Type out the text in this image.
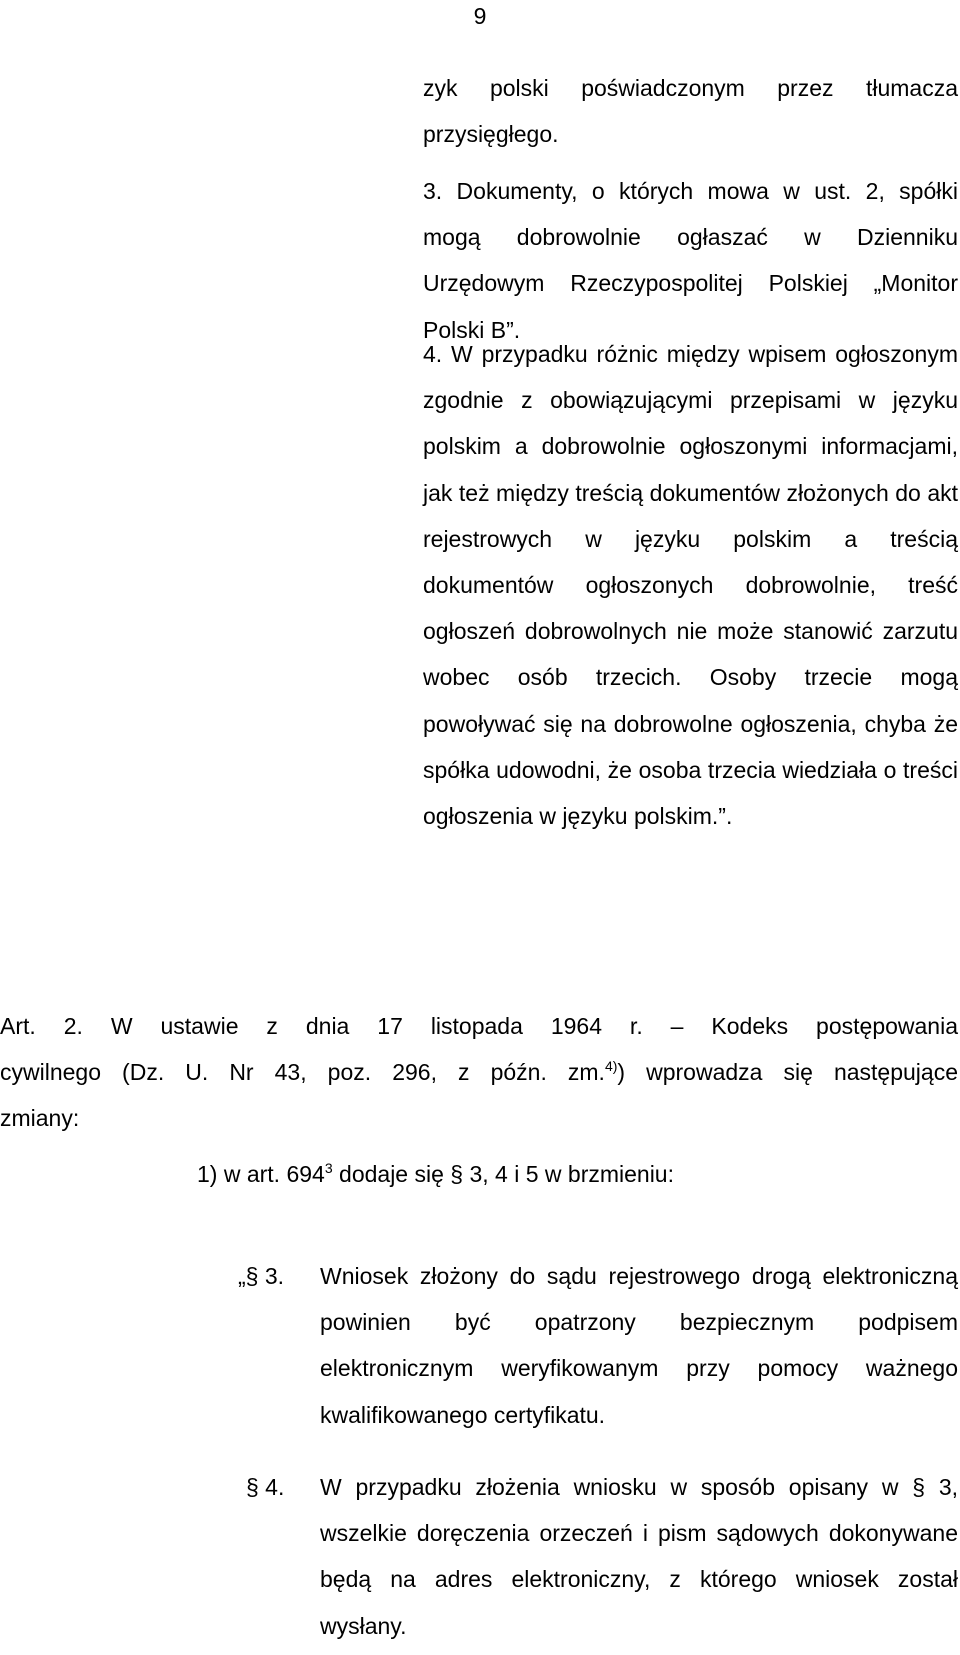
9
zyk polski poświadczonym przez tłumacza przysięgłego.
3. Dokumenty, o których mowa w ust. 2, spółki mogą dobrowolnie ogłaszać w Dzienniku Urzędowym Rzeczypospolitej Polskiej „Monitor Polski B”.
4. W przypadku różnic między wpisem ogłoszonym zgodnie z obowiązującymi przepisami w języku polskim a dobrowolnie ogłoszonymi informacjami, jak też między treścią dokumentów złożonych do akt rejestrowych w języku polskim a treścią dokumentów ogłoszonych dobrowolnie, treść ogłoszeń dobrowolnych nie może stanowić zarzutu wobec osób trzecich. Osoby trzecie mogą powoływać się na dobrowolne ogłoszenia, chyba że spółka udowodni, że osoba trzecia wiedziała o treści ogłoszenia w języku polskim.”.
Art. 2. W ustawie z dnia 17 listopada 1964 r. – Kodeks postępowania
cywilnego (Dz. U. Nr 43, poz. 296, z późn. zm.$^{4)}$) wprowadza się następujące
zmiany:
1) w art. $694^3$ dodaje się § 3, 4 i 5 w brzmieniu:
„§ 3. Wniosek złożony do sądu rejestrowego drogą elektroniczną powinien być opatrzony bezpiecznym podpisem elektronicznym weryfikowanym przy pomocy ważnego kwalifikowanego certyfikatu.
§ 4. W przypadku złożenia wniosku w sposób opisany w § 3, wszelkie doręczenia orzeczeń i pism sądowych dokonywane będą na adres elektroniczny, z którego wniosek został wysłany.
